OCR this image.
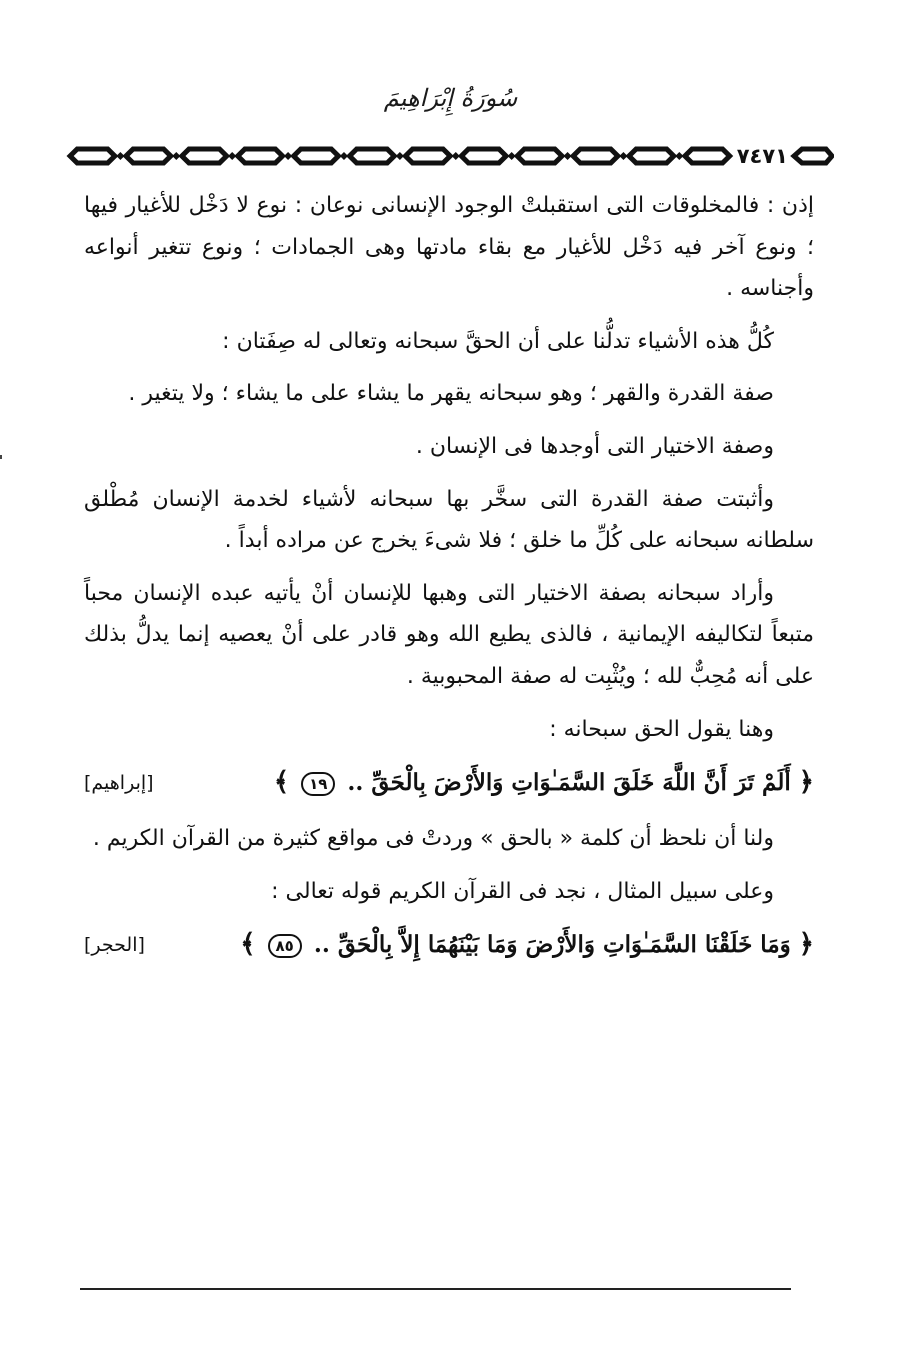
سُورَةُ إِبْرَاهِيمَ
٧٤٧١

إذن : فالمخلوقات التى استقبلتْ الوجود الإنسانى نوعان : نوع لا دَخْل للأغيار فيها ؛ ونوع آخر فيه دَخْل للأغيار مع بقاء مادتها وهى الجمادات ؛ ونوع تتغير أنواعه وأجناسه .

كُلُّ هذه الأشياء تدلُّنا على أن الحقَّ سبحانه وتعالى له صِفَتان :

صفة القدرة والقهر ؛ وهو سبحانه يقهر ما يشاء على ما يشاء ؛ ولا يتغير .

وصفة الاختيار التى أوجدها فى الإنسان .

وأثبتت صفة القدرة التى سخَّر بها سبحانه لأشياء لخدمة الإنسان مُطْلق سلطانه سبحانه على كُلِّ ما خلق ؛ فلا شىءَ يخرج عن مراده أبداً .

وأراد سبحانه بصفة الاختيار التى وهبها للإنسان أنْ يأتيه عبده الإنسان محباً متبعاً لتكاليفه الإيمانية ، فالذى يطيع الله وهو قادر على أنْ يعصيه إنما يدلُّ بذلك على أنه مُحِبٌّ لله ؛ ويُثْبِت له صفة المحبوبية .

وهنا يقول الحق سبحانه :

﴿ أَلَمْ تَرَ أَنَّ اللَّهَ خَلَقَ السَّمَـٰوَاتِ وَالأَرْضَ بِالْحَقِّ .. ١٩ ﴾
[إبراهيم]

ولنا أن نلحظ أن كلمة « بالحق » وردتْ فى مواقع كثيرة من القرآن الكريم .

وعلى سبيل المثال ، نجد فى القرآن الكريم قوله تعالى :

﴿ وَمَا خَلَقْنَا السَّمَـٰوَاتِ وَالأَرْضَ وَمَا بَيْنَهُمَا إِلاَّ بِالْحَقِّ .. ٨٥ ﴾
[الحجر]
